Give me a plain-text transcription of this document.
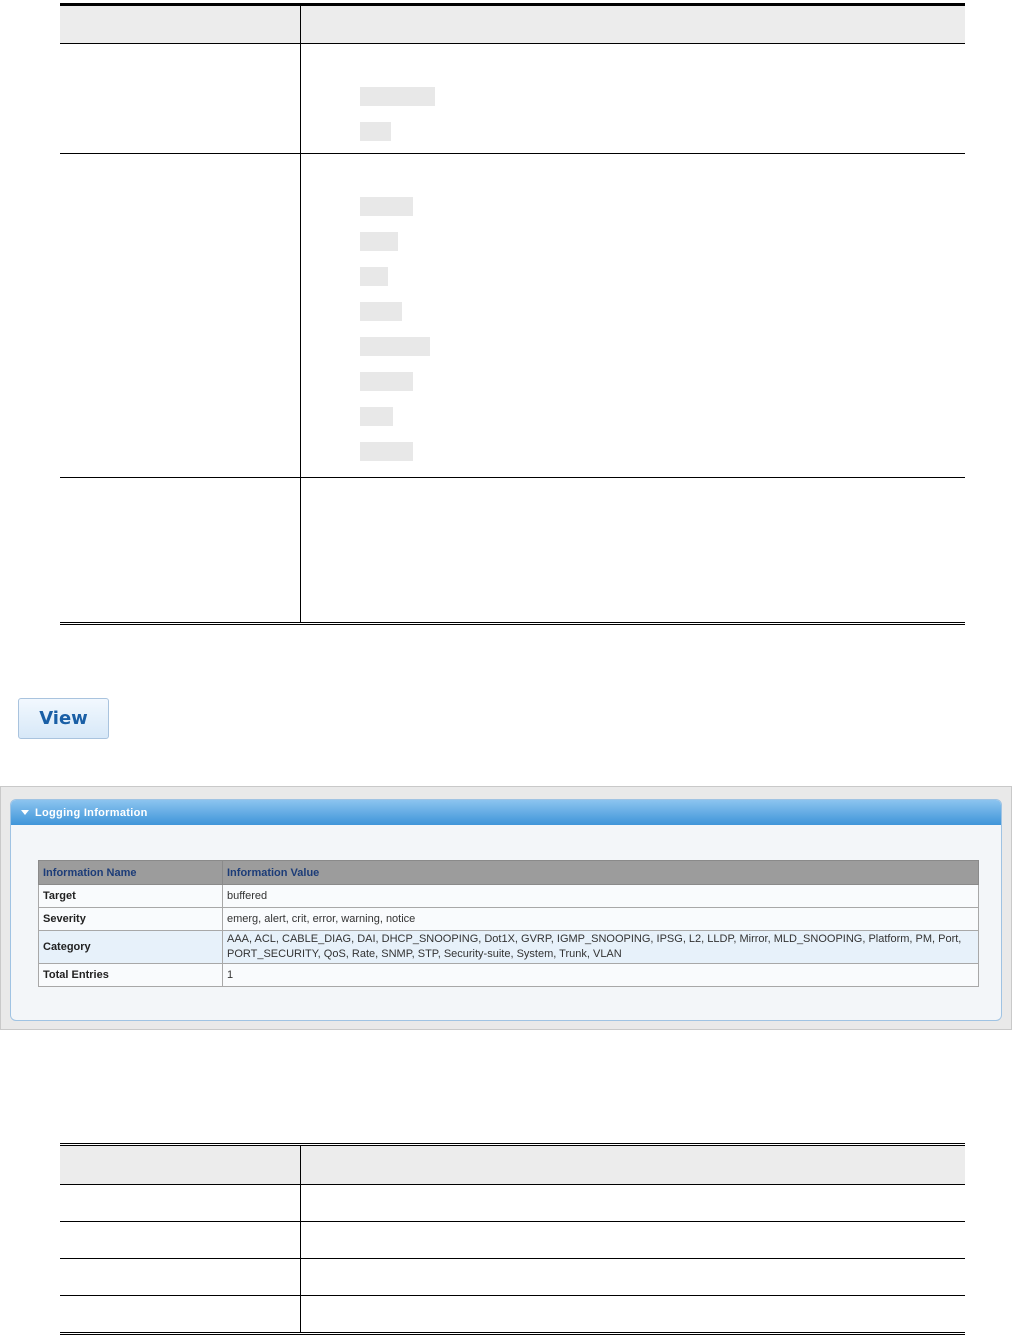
View
Logging Information
Information Name	Information Value
Target	buffered
Severity	emerg, alert, crit, error, warning, notice
Category	AAA, ACL, CABLE_DIAG, DAI, DHCP_SNOOPING, Dot1X, GVRP, IGMP_SNOOPING, IPSG, L2, LLDP, Mirror, MLD_SNOOPING, Platform, PM, Port, PORT_SECURITY, QoS, Rate, SNMP, STP, Security-suite, System, Trunk, VLAN
Total Entries	1
